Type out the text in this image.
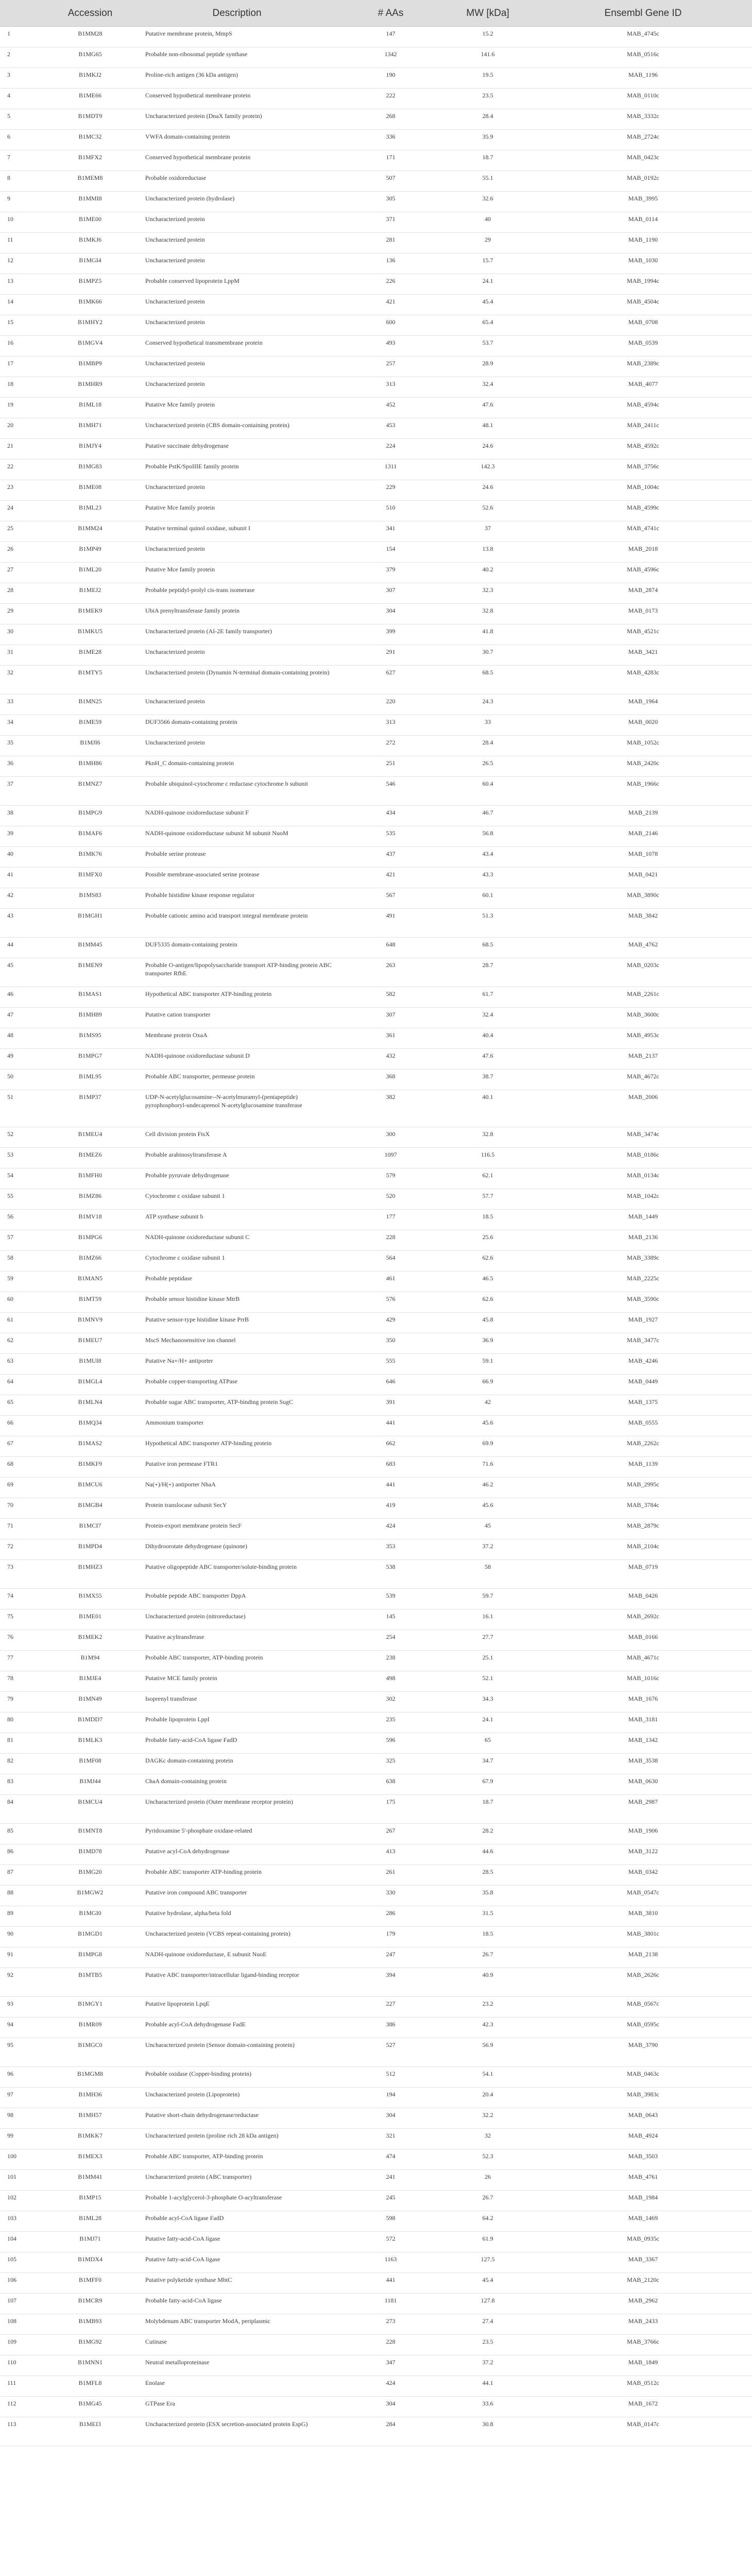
	Accession	Description	# AAs	MW [kDa]	Ensembl Gene ID
1	B1MM28	Putative membrane protein, MmpS	147	15.2	MAB_4745c
2	B1MG65	Probable non-ribosomal peptide synthase	1342	141.6	MAB_0516c
3	B1MKJ2	Proline-rich antigen (36 kDa antigen)	190	19.5	MAB_1196
4	B1ME66	Conserved hypothetical membrane protein	222	23.5	MAB_0110c
5	B1MDT9	Uncharacterized protein (DnaX family protein)	268	28.4	MAB_3332c
6	B1MC32	VWFA domain-containing protein	336	35.9	MAB_2724c
7	B1MFX2	Conserved hypothetical membrane protein	171	18.7	MAB_0423c
8	B1MEM8	Probable oxidoreductase	507	55.1	MAB_0192c
9	B1MMI8	Uncharacterized protein (hydrolase)	305	32.6	MAB_3995
10	B1ME00	Uncharacterized protein	371	40	MAB_0114
11	B1MKJ6	Uncharacterized protein	281	29	MAB_1190
12	B1MGI4	Uncharacterized protein	136	15.7	MAB_1030
13	B1MPZ5	Probable conserved lipoprotein LppM	226	24.1	MAB_1994c
14	B1MK66	Uncharacterized protein	421	45.4	MAB_4504c
15	B1MHY2	Uncharacterized protein	600	65.4	MAB_0708
16	B1MGV4	Conserved hypothetical transmembrane protein	493	53.7	MAB_0539
17	B1MBP9	Uncharacterized protein	257	28.9	MAB_2389c
18	B1MHR9	Uncharacterized protein	313	32.4	MAB_4077
19	B1ML18	Putative Mce family protein	452	47.6	MAB_4594c
20	B1MH71	Uncharacterized protein (CBS domain-containing protein)	453	48.1	MAB_2411c
21	B1MJY4	Putative succinate dehydrogenase	224	24.6	MAB_4592c
22	B1MG83	Probable PstK/SpoIIIE family protein	1311	142.3	MAB_3756c
23	B1ME08	Uncharacterized protein	229	24.6	MAB_1004c
24	B1ML23	Putative Mce family protein	510	52.6	MAB_4599c
25	B1MM24	Putative terminal quinol oxidase, subunit I	341	37	MAB_4741c
26	B1MP49	Uncharacterized protein	154	13.8	MAB_2018
27	B1ML20	Putative Mce family protein	379	40.2	MAB_4596c
28	B1MEJ2	Probable peptidyl-prolyl cis-trans isomerase	307	32.3	MAB_2874
29	B1MEK9	UbiA prenyltransferase family protein	304	32.8	MAB_0173
30	B1MKU5	Uncharacterized protein (AI-2E family transporter)	399	41.8	MAB_4521c
31	B1ME28	Uncharacterized protein	291	30.7	MAB_3421
32	B1MTY5	Uncharacterized protein (Dynamin N-terminal domain-containing protein)	627	68.5	MAB_4283c
33	B1MN25	Uncharacterized protein	220	24.3	MAB_1964
34	B1ME59	DUF3566 domain-containing protein	313	33	MAB_0020
35	B1MJI6	Uncharacterized protein	272	28.4	MAB_1052c
36	B1MH86	PknH_C domain-containing protein	251	26.5	MAB_2420c
37	B1MNZ7	Probable ubiquinol-cytochrome c reductase cytochrome b subunit	546	60.4	MAB_1966c
38	B1MPG9	NADH-quinone oxidoreductase subunit F	434	46.7	MAB_2139
39	B1MAF6	NADH-quinone oxidoreductase subunit M subunit NuoM	535	56.8	MAB_2146
40	B1MK76	Probable serine protease	437	43.4	MAB_1078
41	B1MFX0	Possible membrane-associated serine protease	421	43.3	MAB_0421
42	B1MS83	Probable histidine kinase response regulator	567	60.1	MAB_3890c
43	B1MGH1	Probable cationic amino acid transport integral membrane protein	491	51.3	MAB_3842
44	B1MM45	DUF5335 domain-containing protein	648	68.5	MAB_4762
45	B1MEN9	Probable O-antigen/lipopolysaccharide transport ATP-binding protein ABC transporter RfbE	263	28.7	MAB_0203c
46	B1MAS1	Hypothetical ABC transporter ATP-binding protein	582	61.7	MAB_2261c
47	B1MH89	Putative cation transporter	307	32.4	MAB_3600c
48	B1MS95	Membrane protein OxaA	361	40.4	MAB_4953c
49	B1MPG7	NADH-quinone oxidoreductase subunit D	432	47.6	MAB_2137
50	B1ML95	Probable ABC transporter, permease protein	368	38.7	MAB_4672c
51	B1MP37	UDP-N-acetylglucosamine--N-acetylmuramyl-(pentapeptide) pyrophosphoryl-undecaprenol N-acetylglucosamine transferase	382	40.1	MAB_2006
52	B1MEU4	Cell division protein FtsX	300	32.8	MAB_3474c
53	B1MEZ6	Probable arabinosyltransferase A	1097	116.5	MAB_0186c
54	B1MFH0	Probable pyruvate dehydrogenase	579	62.1	MAB_0134c
55	B1MZ86	Cytochrome c oxidase subunit 1	520	57.7	MAB_1042c
56	B1MV18	ATP synthase subunit b	177	18.5	MAB_1449
57	B1MPG6	NADH-quinone oxidoreductase subunit C	228	25.6	MAB_2136
58	B1MZ66	Cytochrome c oxidase subunit 1	564	62.6	MAB_3389c
59	B1MAN5	Probable peptidase	461	46.5	MAB_2225c
60	B1MT59	Probable sensor histidine kinase MtrB	576	62.6	MAB_3590c
61	B1MNV9	Putative sensor-type histidine kinase PrrB	429	45.8	MAB_1927
62	B1MEU7	MscS Mechanosensitive ion channel	350	36.9	MAB_3477c
63	B1MUI8	Putative Na+/H+ antiporter	555	59.1	MAB_4246
64	B1MGL4	Probable copper-transporting ATPase	646	66.9	MAB_0449
65	B1MLN4	Probable sugar ABC transporter, ATP-binding protein SugC	391	42	MAB_1375
66	B1MQ34	Ammonium transporter	441	45.6	MAB_0555
67	B1MAS2	Hypothetical ABC transporter ATP-binding protein	662	69.9	MAB_2262c
68	B1MKF9	Putative iron permease FTR1	683	71.6	MAB_1139
69	B1MCU6	Na(+)/H(+) antiporter NhaA	441	46.2	MAB_2995c
70	B1MGB4	Protein translocase subunit SecY	419	45.6	MAB_3784c
71	B1MCI7	Protein-export membrane protein SecF	424	45	MAB_2879c
72	B1MPD4	Dihydroorotate dehydrogenase (quinone)	353	37.2	MAB_2104c
73	B1MHZ3	Putative oligopeptide ABC transporter/solute-binding protein	538	58	MAB_0719
74	B1MX55	Probable peptide ABC transporter DppA	539	59.7	MAB_0426
75	B1ME01	Uncharacterized protein (nitroreductase)	145	16.1	MAB_2692c
76	B1MEK2	Putative acyltransferase	254	27.7	MAB_0166
77	B1M94	Probable ABC transporter, ATP-binding protein	238	25.1	MAB_4671c
78	B1MJE4	Putative MCE family protein	498	52.1	MAB_1016c
79	B1MN49	Isoprenyl transferase	302	34.3	MAB_1676
80	B1MDD7	Probable lipoprotein LppI	235	24.1	MAB_3181
81	B1MLK3	Probable fatty-acid-CoA ligase FadD	596	65	MAB_1342
82	B1MF08	DAGKc domain-containing protein	325	34.7	MAB_3538
83	B1MJ44	ChaA domain-containing protein	638	67.9	MAB_0630
84	B1MCU4	Uncharacterized protein (Outer membrane receptor protein)	175	18.7	MAB_2987
85	B1MNT8	Pyridoxamine 5'-phosphate oxidase-related	267	28.2	MAB_1906
86	B1MD78	Putative acyl-CoA dehydrogenase	413	44.6	MAB_3122
87	B1MG20	Probable ABC transporter ATP-binding protein	261	28.5	MAB_0342
88	B1MGW2	Putative iron compound ABC transporter	330	35.8	MAB_0547c
89	B1MGI0	Putative hydrolase, alpha/beta fold	286	31.5	MAB_3810
90	B1MGD1	Uncharacterized protein (VCBS repeat-containing protein)	179	18.5	MAB_3801c
91	B1MPG8	NADH-quinone oxidoreductase, E subunit NuoE	247	26.7	MAB_2138
92	B1MTB5	Putative ABC transporter/intracellular ligand-binding receptor	394	40.9	MAB_2626c
93	B1MGY1	Putative lipoprotein LpqE	227	23.2	MAB_0567c
94	B1MR09	Probable acyl-CoA dehydrogenase FadE	386	42.3	MAB_0595c
95	B1MGC0	Uncharacterized protein (Sensor domain-containing protein)	527	56.9	MAB_3790
96	B1MGM8	Probable oxidase (Copper-binding protein)	512	54.1	MAB_0463c
97	B1MH36	Uncharacterized protein (Lipoprotein)	194	20.4	MAB_3983c
98	B1MH57	Putative short-chain dehydrogenase/reductase	304	32.2	MAB_0643
99	B1MKK7	Uncharacterized protein (proline rich 28 kDa antigen)	321	32	MAB_4924
100	B1MEX3	Probable ABC transporter, ATP-binding protein	474	52.3	MAB_3503
101	B1MM41	Uncharacterized protein (ABC transporter)	241	26	MAB_4761
102	B1MP15	Probable 1-acylglycerol-3-phosphate O-acyltransferase	245	26.7	MAB_1984
103	B1ML28	Probable acyl-CoA ligase FadD	598	64.2	MAB_1469
104	B1MJ71	Putative fatty-acid-CoA ligase	572	61.9	MAB_0935c
105	B1MDX4	Putative fatty-acid-CoA ligase	1163	127.5	MAB_3367
106	B1MFF0	Putative polyketide synthase MbtC	441	45.4	MAB_2120c
107	B1MCR9	Probable fatty-acid-CoA ligase	1181	127.8	MAB_2962
108	B1MB93	Molybdenum ABC transporter ModA, periplasmic	273	27.4	MAB_2433
109	B1MG92	Cutinase	228	23.5	MAB_3766c
110	B1MNN1	Neutral metalloproteinase	347	37.2	MAB_1849
111	B1MFL8	Enolase	424	44.1	MAB_0512c
112	B1MG45	GTPase Era	304	33.6	MAB_1672
113	B1MEI3	Uncharacterized protein (ESX secretion-associated protein EspG)	284	30.8	MAB_0147c
